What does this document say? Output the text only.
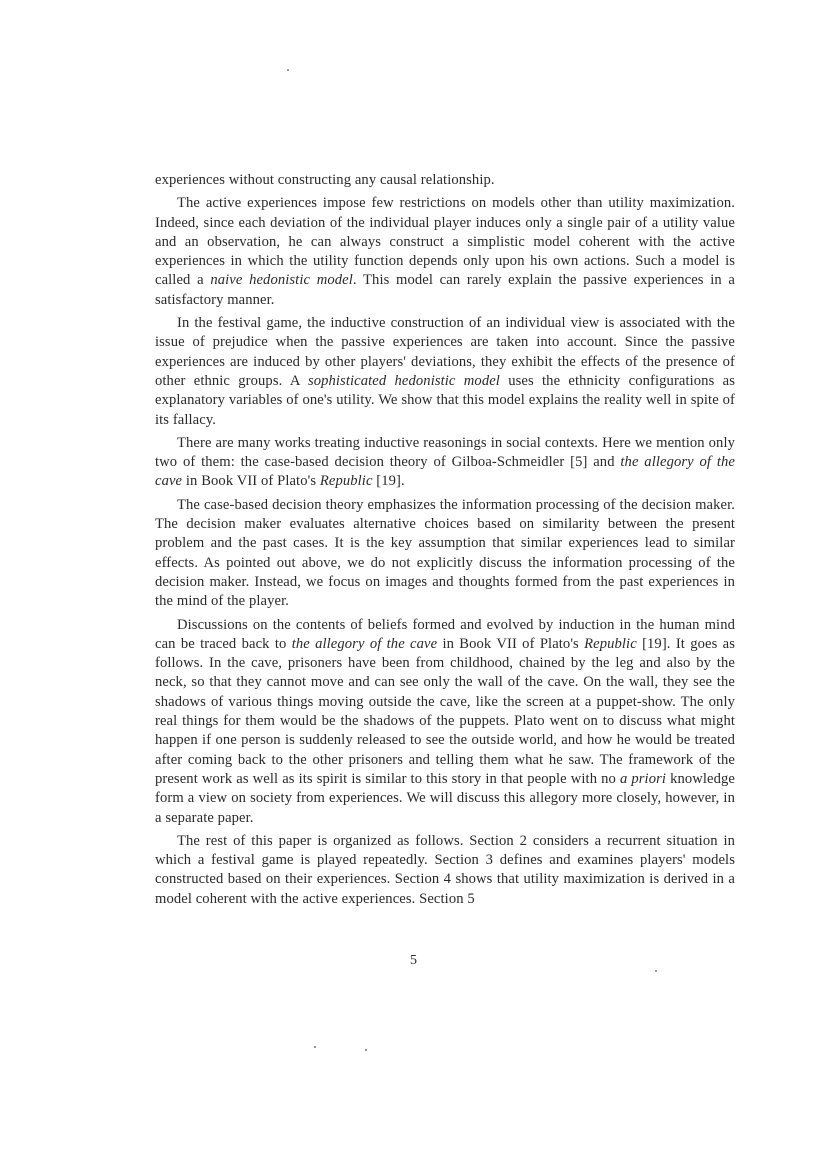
experiences without constructing any causal relationship.

The active experiences impose few restrictions on models other than utility maximization. Indeed, since each deviation of the individual player induces only a single pair of a utility value and an observation, he can always construct a simplistic model coherent with the active experiences in which the utility function depends only upon his own actions. Such a model is called a naive hedonistic model. This model can rarely explain the passive experiences in a satisfactory manner.

In the festival game, the inductive construction of an individual view is associated with the issue of prejudice when the passive experiences are taken into account. Since the passive experiences are induced by other players' deviations, they exhibit the effects of the presence of other ethnic groups. A sophisticated hedonistic model uses the ethnicity configurations as explanatory variables of one's utility. We show that this model explains the reality well in spite of its fallacy.

There are many works treating inductive reasonings in social contexts. Here we mention only two of them: the case-based decision theory of Gilboa-Schmeidler [5] and the allegory of the cave in Book VII of Plato's Republic [19].

The case-based decision theory emphasizes the information processing of the decision maker. The decision maker evaluates alternative choices based on similarity between the present problem and the past cases. It is the key assumption that similar experiences lead to similar effects. As pointed out above, we do not explicitly discuss the information processing of the decision maker. Instead, we focus on images and thoughts formed from the past experiences in the mind of the player.

Discussions on the contents of beliefs formed and evolved by induction in the human mind can be traced back to the allegory of the cave in Book VII of Plato's Republic [19]. It goes as follows. In the cave, prisoners have been from childhood, chained by the leg and also by the neck, so that they cannot move and can see only the wall of the cave. On the wall, they see the shadows of various things moving outside the cave, like the screen at a puppet-show. The only real things for them would be the shadows of the puppets. Plato went on to discuss what might happen if one person is suddenly released to see the outside world, and how he would be treated after coming back to the other prisoners and telling them what he saw. The framework of the present work as well as its spirit is similar to this story in that people with no a priori knowledge form a view on society from experiences. We will discuss this allegory more closely, however, in a separate paper.

The rest of this paper is organized as follows. Section 2 considers a recurrent situation in which a festival game is played repeatedly. Section 3 defines and examines players' models constructed based on their experiences. Section 4 shows that utility maximization is derived in a model coherent with the active experiences. Section 5

5
